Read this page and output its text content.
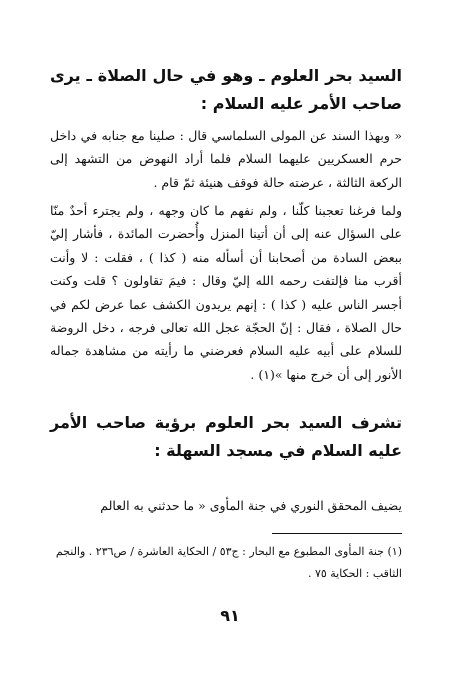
السيد بحر العلوم ـ وهو في حال الصلاة ـ يرى صاحب الأمر عليه السلام :
« وبهذا السند عن المولى السلماسي قال : صلينا مع جنابه في داخل حرم العسكريين عليهما السلام فلما أراد النهوض من التشهد إلى الركعة الثالثة ، عرضته حالة فوقف هنيئة ثمّ قام .
ولما فرغنا تعجبنا كلّنا ، ولم نفهم ما كان وجهه ، ولم يجترء أحدٌ منّا على السؤال عنه إلى أن أتينا المنزل وأُحضرت المائدة ، فأشار إليّ ببعض السادة من أصحابنا أن أسأله منه ( كذا ) ، فقلت : لا وأنت أقرب منا فإلتفت رحمه الله إليّ وقال : فيمَ تقاولون ؟ قلت وكنت أجسر الناس عليه ( كذا ) : إنهم يريدون الكشف عما عرض لكم في حال الصلاة ، فقال : إنّ الحجّة عجل الله تعالى فرجه ، دخل الروضة للسلام على أبيه عليه السلام فعرضني ما رأيته من مشاهدة جماله الأنور إلى أن خرج منها »(١) .
تشرف السيد بحر العلوم برؤية صاحب الأمر عليه السلام في مسجد السهلة :
يضيف المحقق النوري في جنة المأوى « ما حدثني به العالم
(١) جنة المأوى المطبوع مع البحار : ج٥٣ / الحكاية العاشرة / ص٢٣٦ . والنجم الثاقب : الحكاية ٧٥ .
٩١
